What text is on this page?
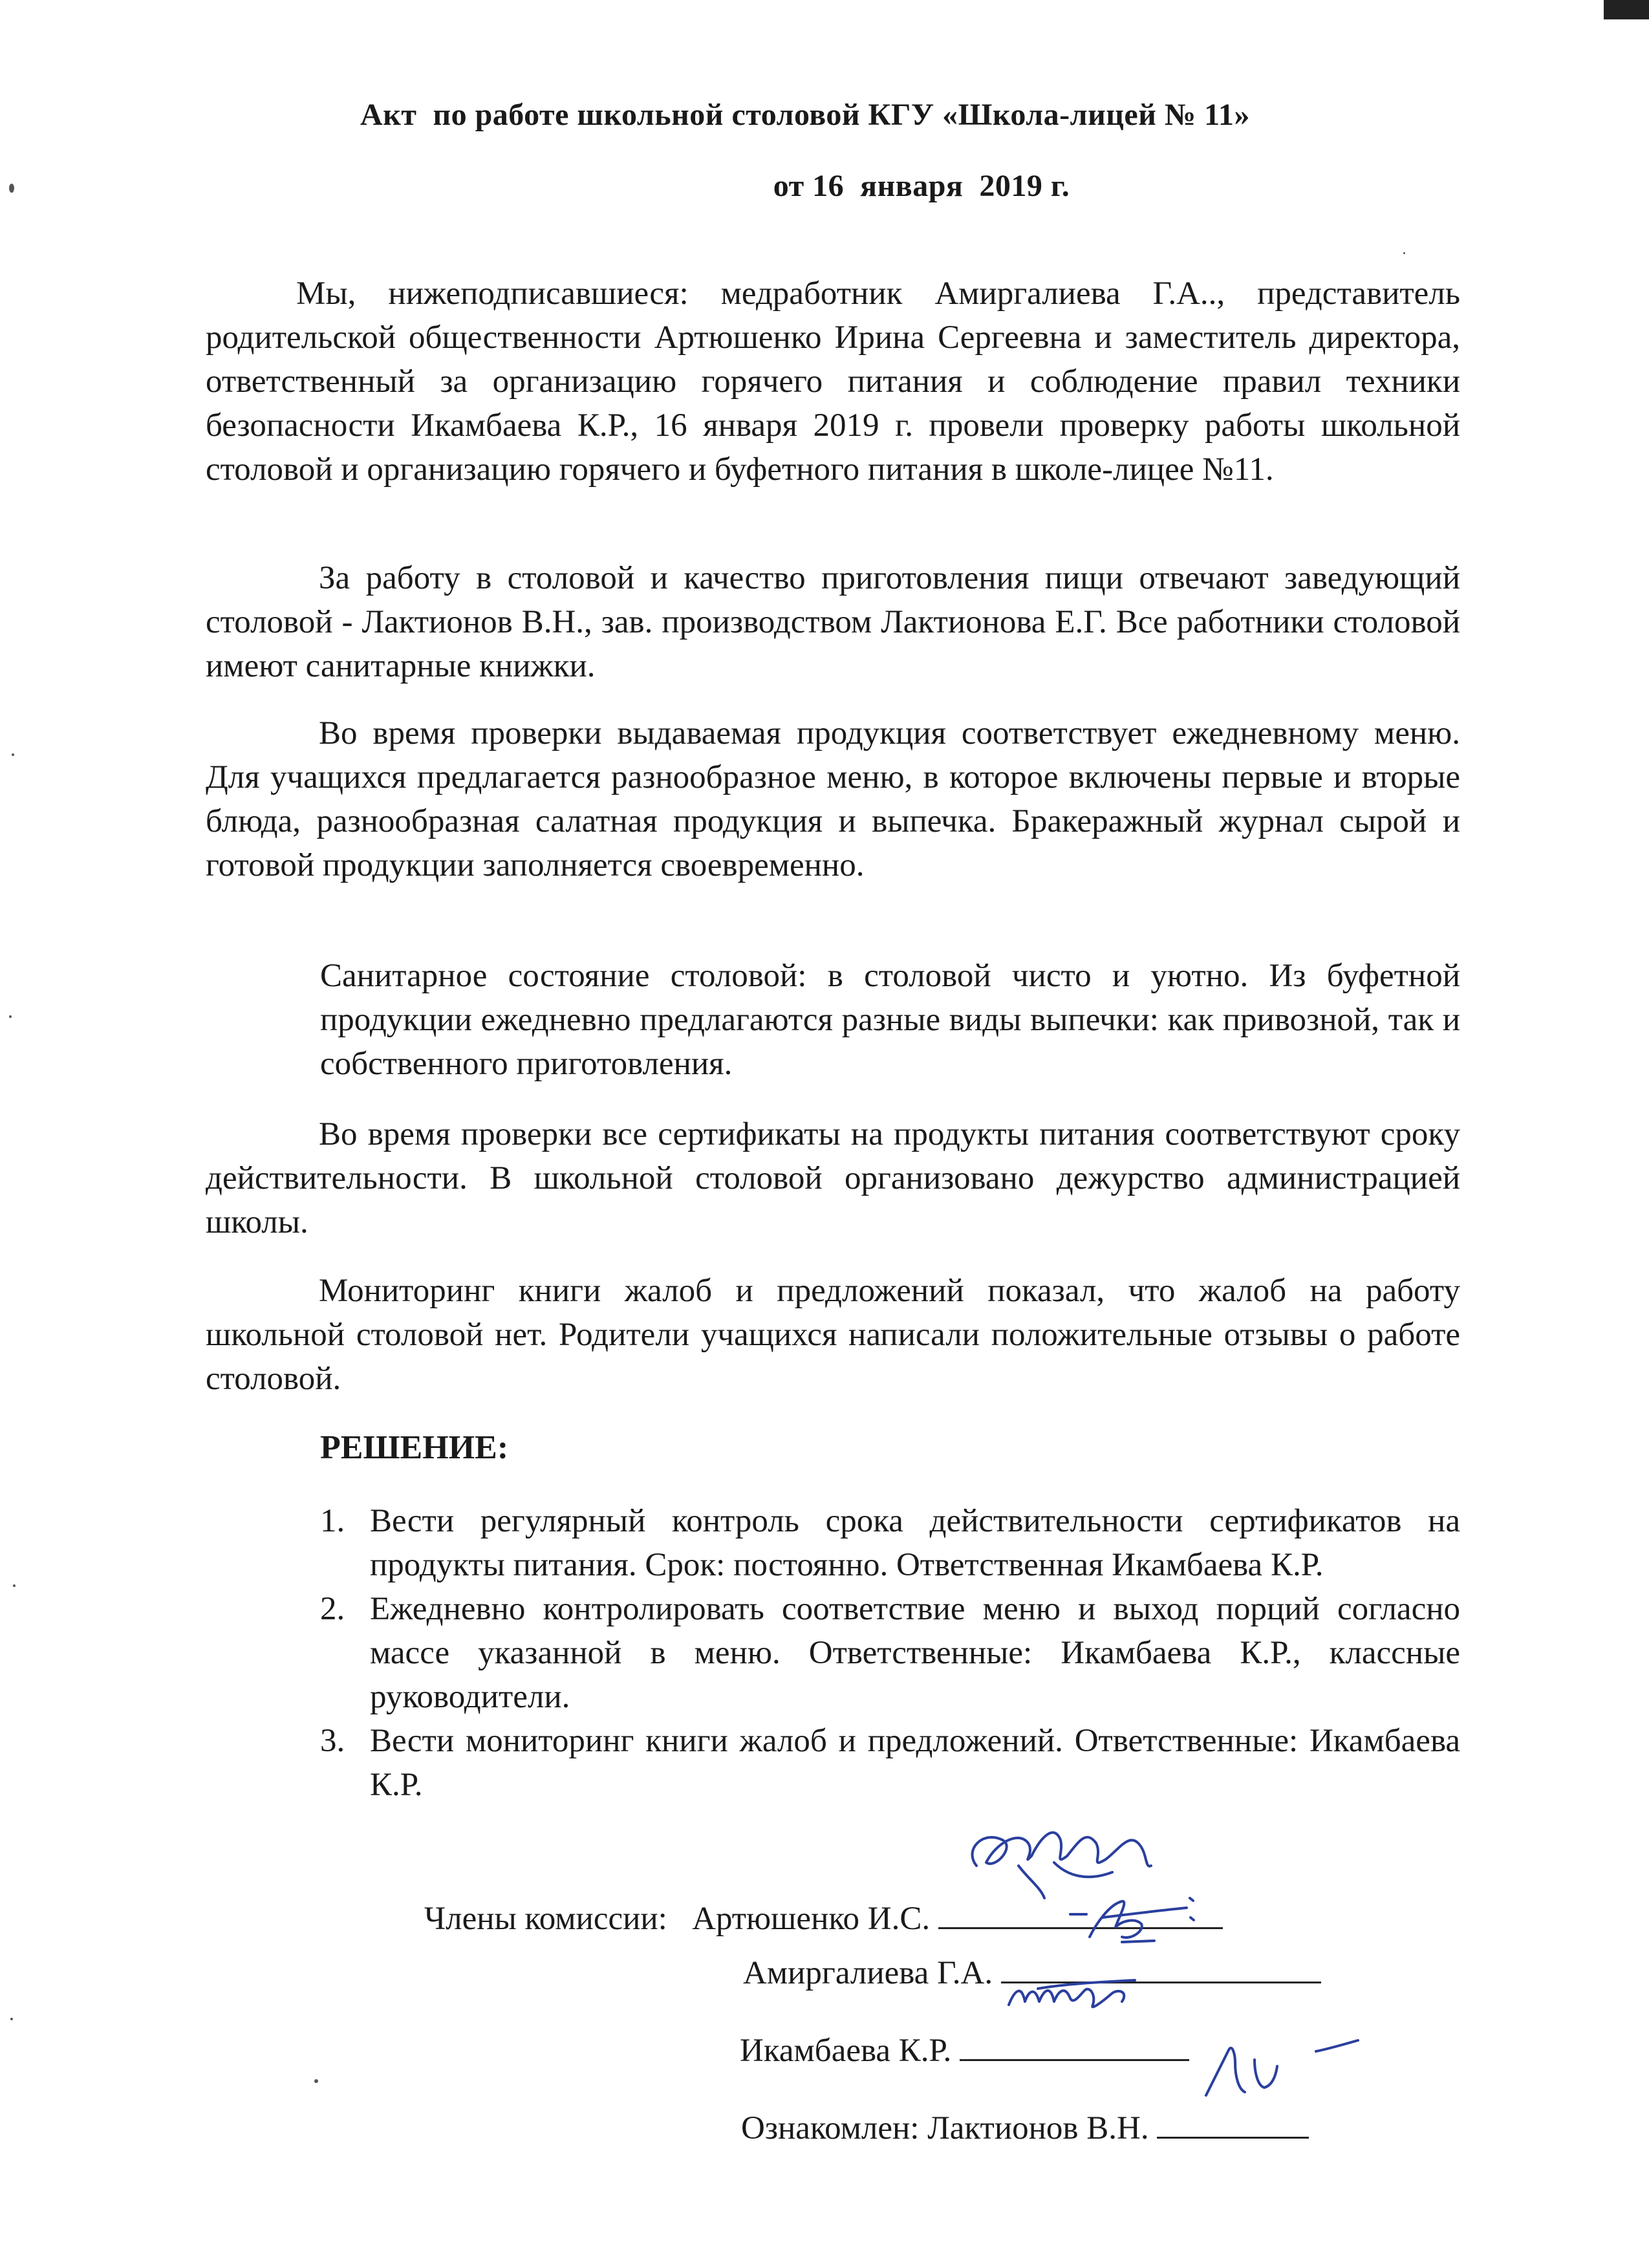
Акт  по работе школьной столовой КГУ «Школа-лицей № 11»
от 16  января  2019 г.
Мы, нижеподписавшиеся: медработник Амиргалиева Г.А.., представитель родительской общественности Артюшенко Ирина Сергеевна и заместитель директора, ответственный за организацию горячего питания и соблюдение правил техники безопасности Икамбаева К.Р., 16 января 2019 г. провели проверку работы школьной столовой и организацию горячего и буфетного питания в школе-лицее №11.
За работу в столовой и качество приготовления пищи отвечают заведующий столовой - Лактионов В.Н., зав. производством Лактионова Е.Г. Все работники столовой имеют санитарные книжки.
Во время проверки выдаваемая продукция соответствует ежедневному меню. Для учащихся предлагается разнообразное меню, в которое включены первые и вторые блюда, разнообразная салатная продукция и выпечка. Бракеражный журнал сырой и готовой продукции заполняется своевременно.
Санитарное состояние столовой: в столовой чисто и уютно. Из буфетной продукции ежедневно предлагаются разные виды выпечки: как привозной, так и собственного приготовления.
Во время проверки все сертификаты на продукты питания соответствуют сроку действительности. В школьной столовой организовано дежурство администрацией школы.
Мониторинг книги жалоб и предложений показал, что жалоб на работу школьной столовой нет. Родители учащихся написали положительные отзывы о работе столовой.
РЕШЕНИЕ:
1. Вести регулярный контроль срока действительности сертификатов на продукты питания. Срок: постоянно. Ответственная Икамбаева К.Р.
2. Ежедневно контролировать соответствие меню и выход порций согласно массе указанной в меню. Ответственные: Икамбаева К.Р., классные руководители.
3. Вести мониторинг книги жалоб и предложений. Ответственные: Икамбаева К.Р.

Члены комиссии: Артюшенко И.С.

Амиргалиева Г.А.

Икамбаева К.Р.

Ознакомлен: Лактионов В.Н.
